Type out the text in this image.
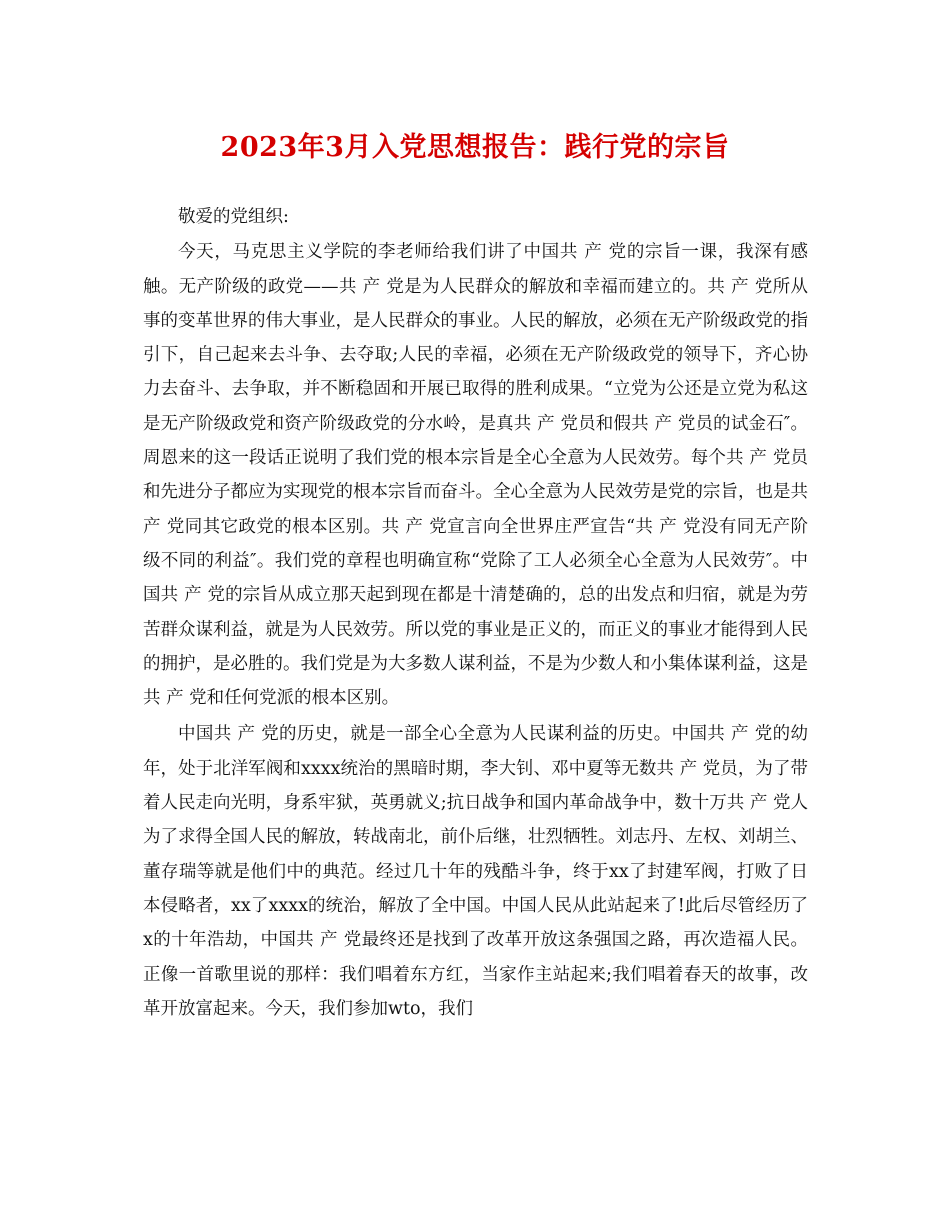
2023年3月入党思想报告：践行党的宗旨

敬爱的党组织:

今天，马克思主义学院的李老师给我们讲了中国共 产 党的宗旨一课，我深有感触。无产阶级的政党——共 产 党是为人民群众的解放和幸福而建立的。共 产 党所从事的变革世界的伟大事业，是人民群众的事业。人民的解放，必须在无产阶级政党的指引下，自己起来去斗争、去夺取;人民的幸福，必须在无产阶级政党的领导下，齐心协力去奋斗、去争取，并不断稳固和开展已取得的胜利成果。“立党为公还是立党为私这是无产阶级政党和资产阶级政党的分水岭，是真共 产 党员和假共 产 党员的试金石″。周恩来的这一段话正说明了我们党的根本宗旨是全心全意为人民效劳。每个共 产 党员和先进分子都应为实现党的根本宗旨而奋斗。全心全意为人民效劳是党的宗旨，也是共 产 党同其它政党的根本区别。共 产 党宣言向全世界庄严宣告“共 产 党没有同无产阶级不同的利益″。我们党的章程也明确宣称“党除了工人必须全心全意为人民效劳″。中国共 产 党的宗旨从成立那天起到现在都是十清楚确的，总的出发点和归宿，就是为劳苦群众谋利益，就是为人民效劳。所以党的事业是正义的，而正义的事业才能得到人民的拥护，是必胜的。我们党是为大多数人谋利益，不是为少数人和小集体谋利益，这是共 产 党和任何党派的根本区别。

中国共 产 党的历史，就是一部全心全意为人民谋利益的历史。中国共 产 党的幼年，处于北洋军阀和xxxx统治的黑暗时期，李大钊、邓中夏等无数共 产 党员，为了带着人民走向光明，身系牢狱，英勇就义;抗日战争和国内革命战争中，数十万共 产 党人为了求得全国人民的解放，转战南北，前仆后继，壮烈牺牲。刘志丹、左权、刘胡兰、董存瑞等就是他们中的典范。经过几十年的残酷斗争，终于xx了封建军阀，打败了日本侵略者，xx了xxxx的统治，解放了全中国。中国人民从此站起来了!此后尽管经历了x的十年浩劫，中国共 产 党最终还是找到了改革开放这条强国之路，再次造福人民。正像一首歌里说的那样：我们唱着东方红，当家作主站起来;我们唱着春天的故事，改革开放富起来。今天，我们参加wto，我们
